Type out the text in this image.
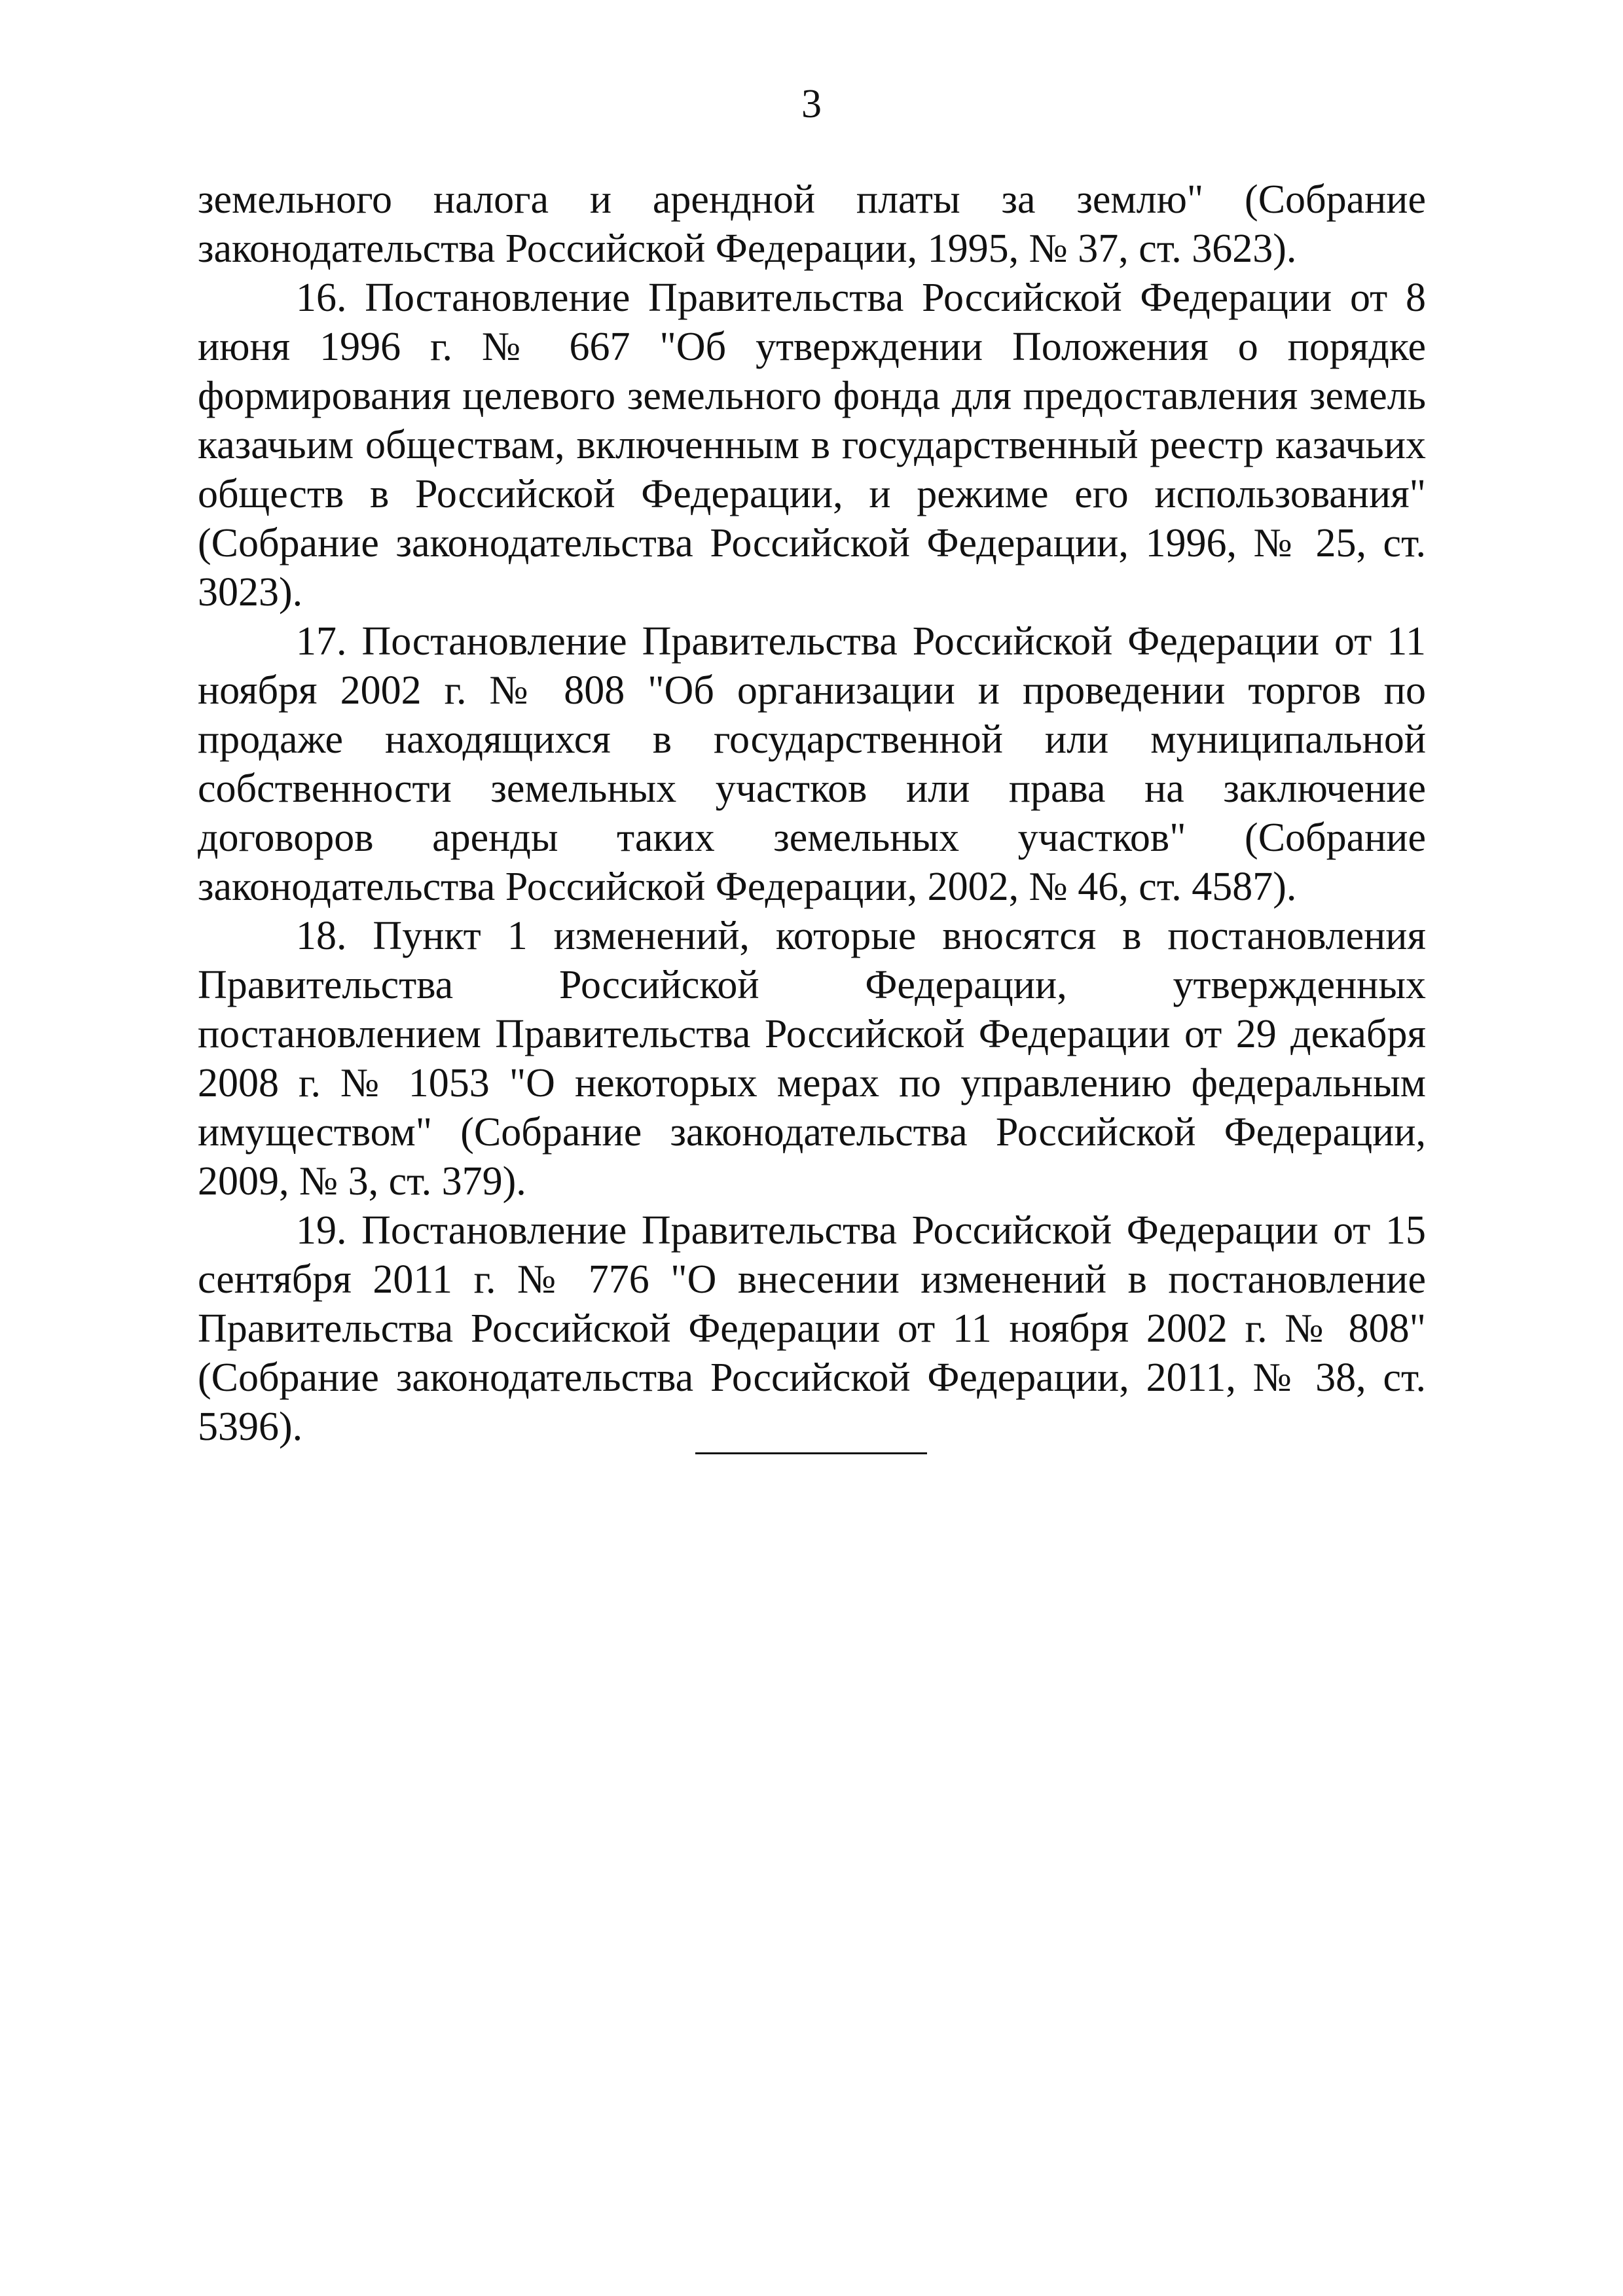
3

земельного налога и арендной платы за землю" (Собрание законодательства Российской Федерации, 1995, № 37, ст. 3623).

16. Постановление Правительства Российской Федерации от 8 июня 1996 г. № 667 "Об утверждении Положения о порядке формирования целевого земельного фонда для предоставления земель казачьим обществам, включенным в государственный реестр казачьих обществ в Российской Федерации, и режиме его использования" (Собрание законодательства Российской Федерации, 1996, № 25, ст. 3023).

17. Постановление Правительства Российской Федерации от 11 ноября 2002 г. № 808 "Об организации и проведении торгов по продаже находящихся в государственной или муниципальной собственности земельных участков или права на заключение договоров аренды таких земельных участков" (Собрание законодательства Российской Федерации, 2002, № 46, ст. 4587).

18. Пункт 1 изменений, которые вносятся в постановления Правительства Российской Федерации, утвержденных постановлением Правительства Российской Федерации от 29 декабря 2008 г. № 1053 "О некоторых мерах по управлению федеральным имуществом" (Собрание законодательства Российской Федерации, 2009, № 3, ст. 379).

19. Постановление Правительства Российской Федерации от 15 сентября 2011 г. № 776 "О внесении изменений в постановление Правительства Российской Федерации от 11 ноября 2002 г. № 808" (Собрание законодательства Российской Федерации, 2011, № 38, ст. 5396).
